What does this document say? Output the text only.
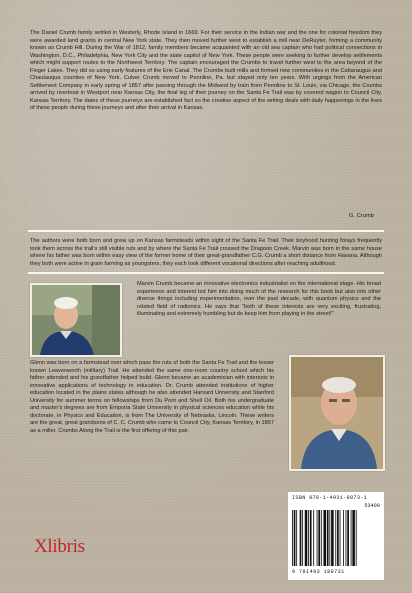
The Daniel Crumb family settled in Westerly, Rhode Island in 1669. For their service in the Indian war and the one for colonial freedom they were awarded land grants in central New York state. They then moved further west to establish a mill near DeRuyter, forming a community known as Crumb Hill. During the War of 1812, family members became acquainted with an old sea captain who had political connections in Washington, D.C., Philadelphia, New York City and the state capitol of New York. These people were seeking to further develop settlements which might support routes to the Northwest Territory. The captain encouraged the Crumbs to travel further west to the area beyond of the Finger Lakes. They did so using early features of the Erie Canal. The Crumbs built mills and formed new communities in the Cattaraugus and Chautauqua counties of New York. Culver Crumb moved to Pennline, Pa. but stayed only ten years. With urgings from the American Settlement Company in early spring of 1857 after passing through the Midwest by train from Pennline to St. Louis, via Chicago, the Crumbs arrived by riverboat in Westport near Kansas City, the final leg of their journey on the Santa Fe Trail was by covered wagon to Council City, Kansas Territory. The dates of these journeys are established fact so the creative aspect of the writing deals with daily happenings in the lives of these people during these journeys and after their arrival in Kansas.

G. Crumb

The authors were both born and grew up on Kansas farmsteads within sight of the Santa Fe Trail. Their boyhood hunting forays frequently took them across the trail's still visible ruts and by where the Santa Fe Trail crossed the Dragoon Creek. Marvin was born in the same house where his father was born within easy view of the former home of their great-grandfather C.G. Crumb a short distance from Havana. Although they both were active in grain farming as youngsters, they each took different vocational directions after reaching adulthood.

Marvin Crumb became an innovative electronics industrialist on the international stage. His broad experience and interest led him into doing much of the research for this book but also into other diverse things including experimentation, over the past decade, with quantum physics and the related field of radionics. He says that "both of these interests are very exciting, frustrating, illuminating and extremely humbling but do keep him from playing in the street!"

Glenn was born on a farmstead over which pass the ruts of both the Santa Fe Trail and the lesser known Leavenworth (military) Trail. He attended the same one-room country school which his father attended and his grandfather helped build. Glenn became an academician with interests in innovative applications of technology in education. Dr. Crumb attended institutions of higher education located in the plains states although he also attended Harvard University and Stanford University for summer terms on fellowships from Du Pont and Shell Oil. Both his undergraduate and master's degrees are from Emporia State University in physical sciences education while his doctorate, in Physics and Education, is from The University of Nebraska, Lincoln. These writers are the great, great grandsons of C. C. Crumb who came to Council City, Kansas Territory, in 1857 as a miller. Crumbs Along the Trail is the first offering of this pair.

ISBN 978-1-4931-8973-1
53499
9 781493 189731
Xlibris
